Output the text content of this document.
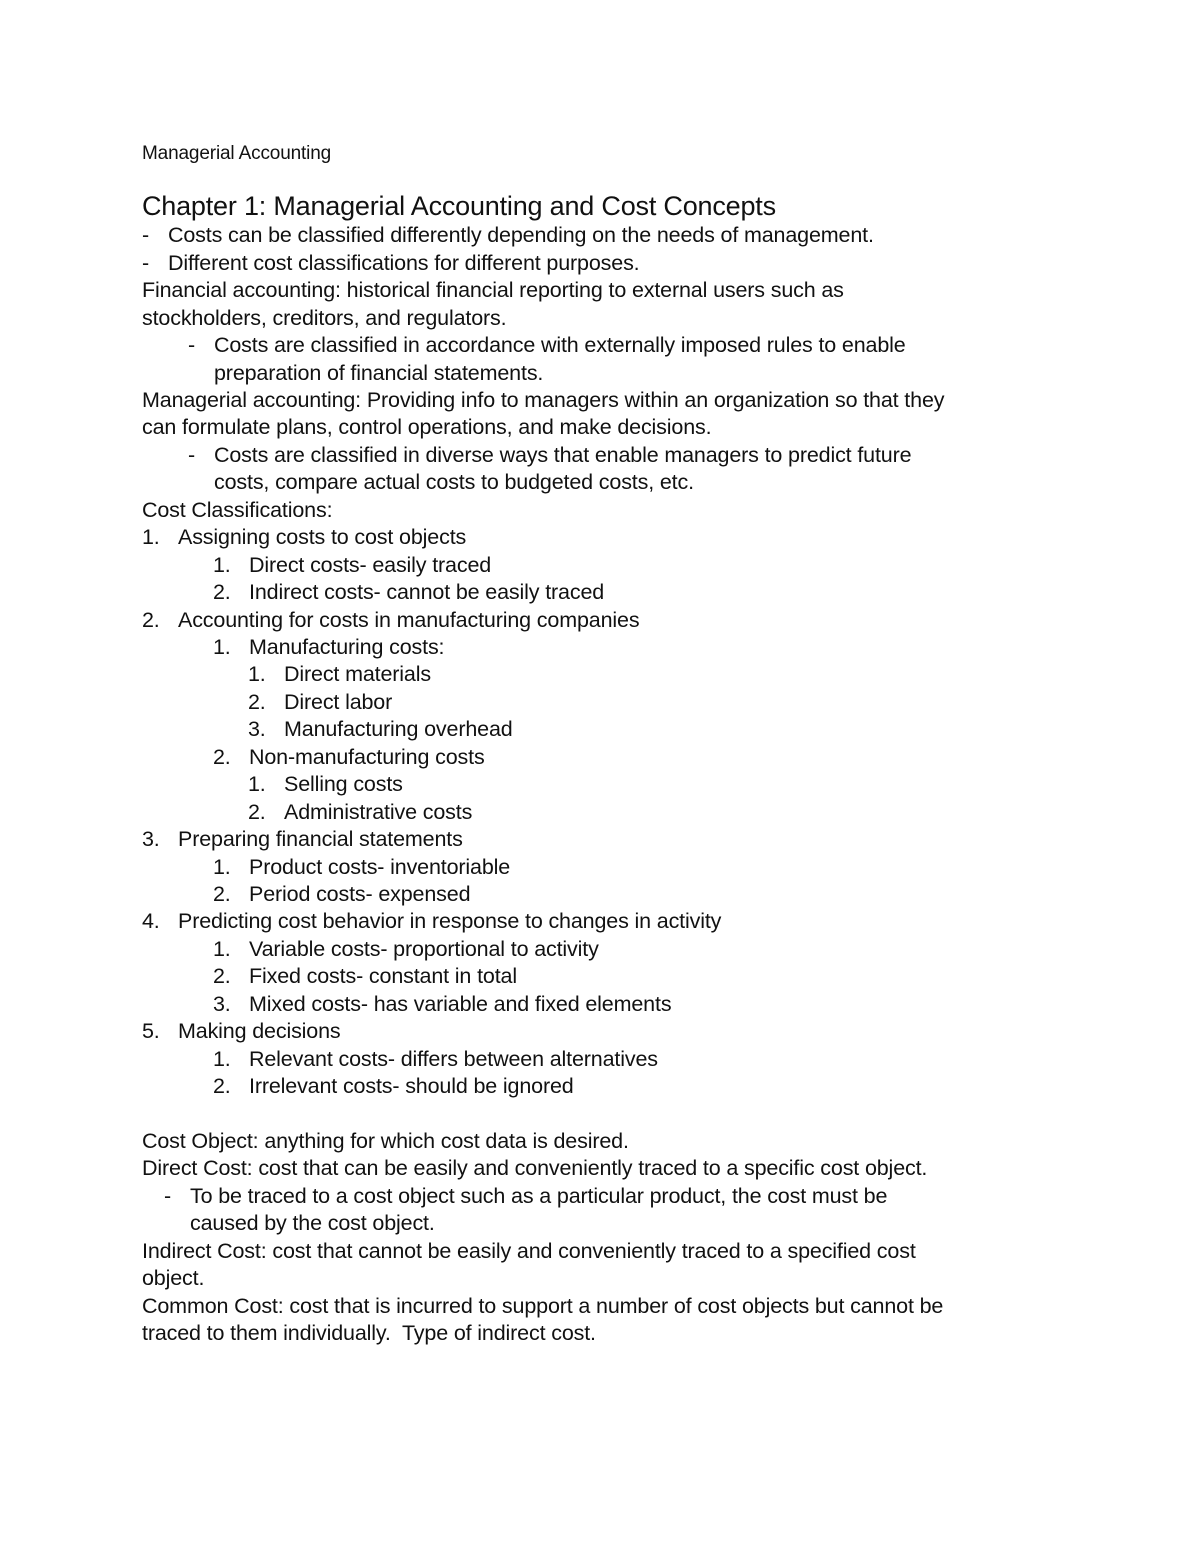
Managerial Accounting

Chapter 1: Managerial Accounting and Cost Concepts

- Costs can be classified differently depending on the needs of management.

- Different cost classifications for different purposes.

Financial accounting: historical financial reporting to external users such as

stockholders, creditors, and regulators.

- Costs are classified in accordance with externally imposed rules to enable

preparation of financial statements.

Managerial accounting: Providing info to managers within an organization so that they

can formulate plans, control operations, and make decisions.

- Costs are classified in diverse ways that enable managers to predict future

costs, compare actual costs to budgeted costs, etc.

Cost Classifications:

1. Assigning costs to cost objects
1. Direct costs- easily traced
2. Indirect costs- cannot be easily traced
2. Accounting for costs in manufacturing companies
1. Manufacturing costs:
1. Direct materials
2. Direct labor
3. Manufacturing overhead
2. Non-manufacturing costs
1. Selling costs
2. Administrative costs
3. Preparing financial statements
1. Product costs- inventoriable
2. Period costs- expensed
4. Predicting cost behavior in response to changes in activity
1. Variable costs- proportional to activity
2. Fixed costs- constant in total
3. Mixed costs- has variable and fixed elements
5. Making decisions
1. Relevant costs- differs between alternatives
2. Irrelevant costs- should be ignored

Cost Object: anything for which cost data is desired.

Direct Cost: cost that can be easily and conveniently traced to a specific cost object.

- To be traced to a cost object such as a particular product, the cost must be

caused by the cost object.

Indirect Cost: cost that cannot be easily and conveniently traced to a specified cost

object.

Common Cost: cost that is incurred to support a number of cost objects but cannot be

traced to them individually.  Type of indirect cost.
